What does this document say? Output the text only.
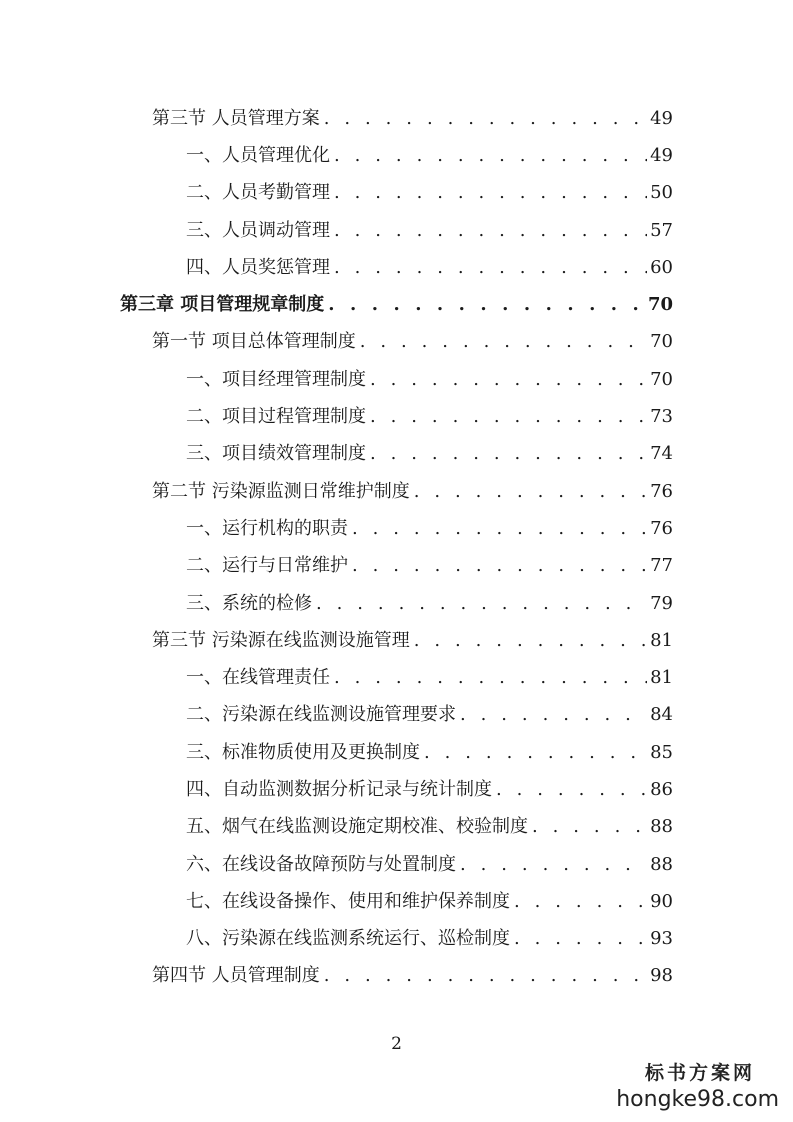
第三节 人员管理方案 . . .	49
一、人员管理优化 . . .	49
二、人员考勤管理 . . .	50
三、人员调动管理 . . .	57
四、人员奖惩管理 . . .	60
第三章 项目管理规章制度 . . .	70
第一节 项目总体管理制度 . . .	70
一、项目经理管理制度 . . .	70
二、项目过程管理制度 . . .	73
三、项目绩效管理制度 . . .	74
第二节 污染源监测日常维护制度 . . .	76
一、运行机构的职责 . . .	76
二、运行与日常维护 . . .	77
三、系统的检修 . . .	79
第三节 污染源在线监测设施管理 . . .	81
一、在线管理责任 . . .	81
二、污染源在线监测设施管理要求 . . .	84
三、标准物质使用及更换制度 . . .	85
四、自动监测数据分析记录与统计制度 . . .	86
五、烟气在线监测设施定期校准、校验制度 . . .	88
六、在线设备故障预防与处置制度 . . .	88
七、在线设备操作、使用和维护保养制度 . . .	90
八、污染源在线监测系统运行、巡检制度 . . .	93
第四节 人员管理制度 . . .	98
2
标书方案网
hongke98.com
